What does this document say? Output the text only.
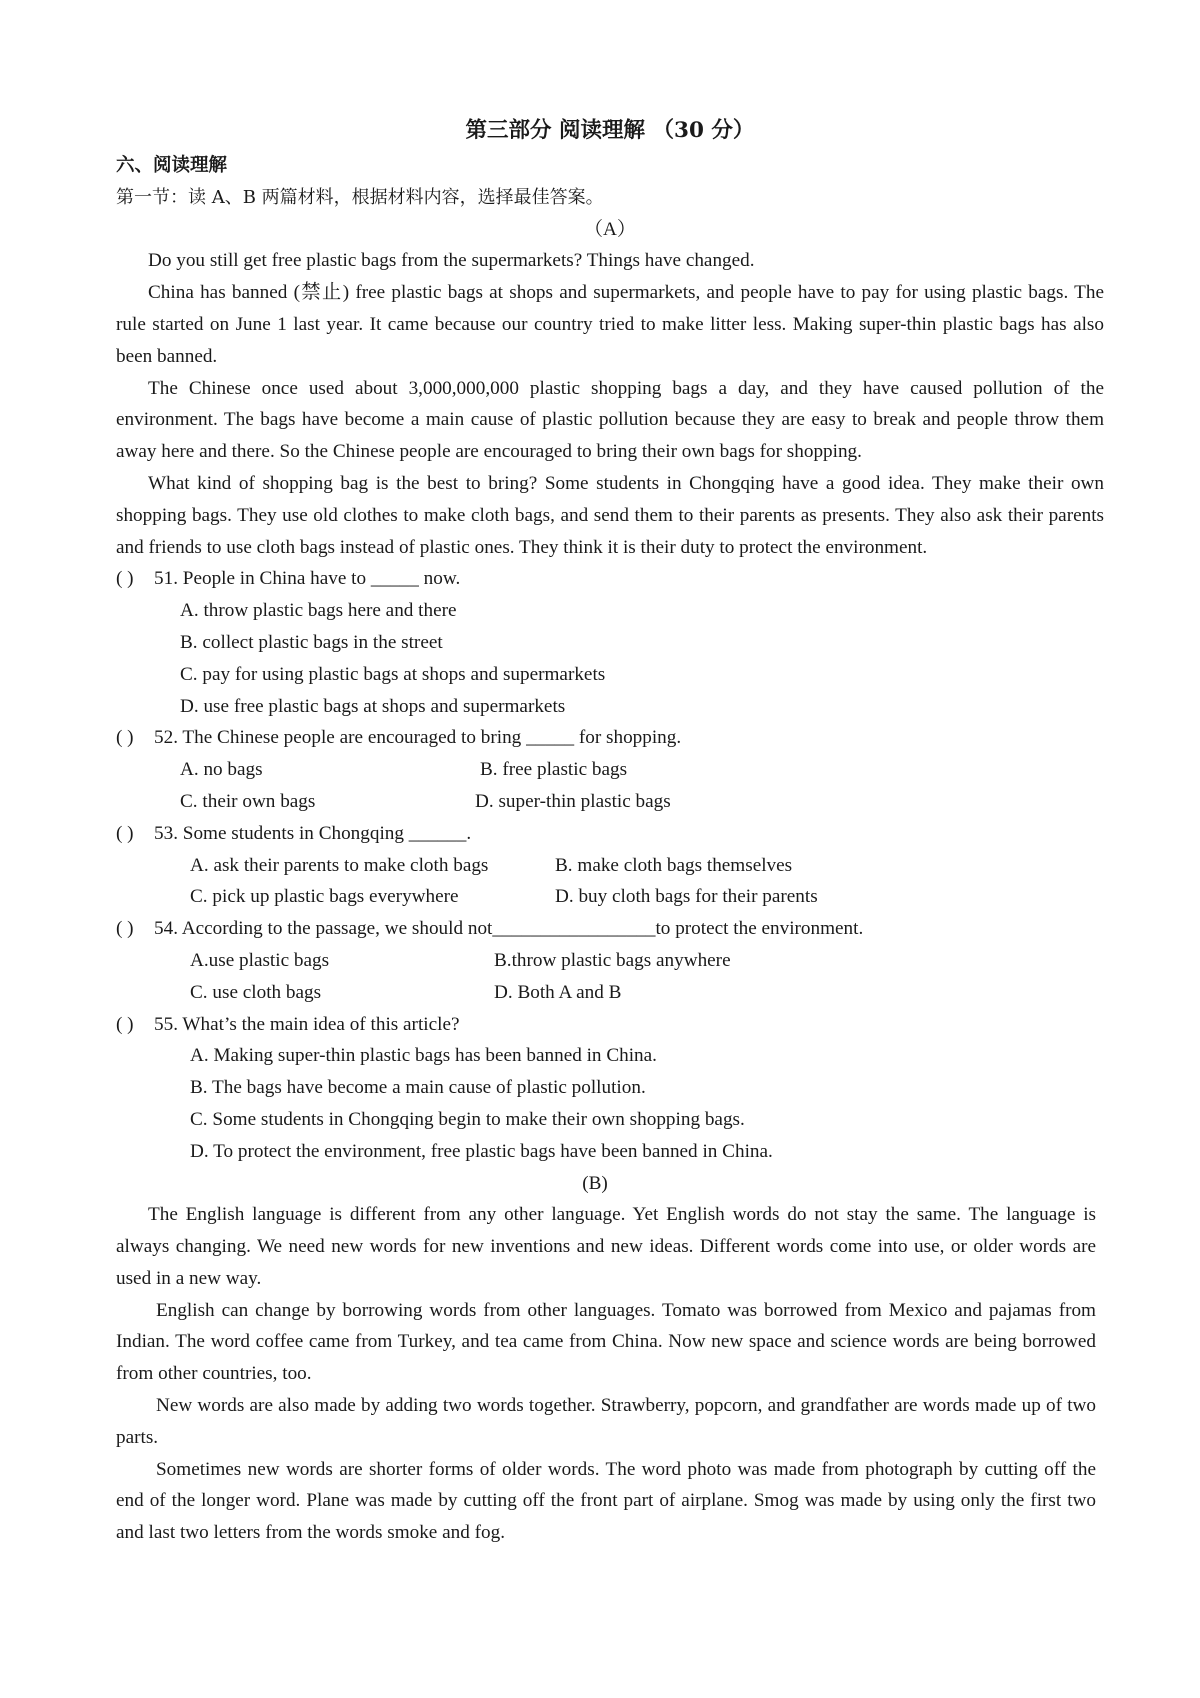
第三部分 阅读理解 （30 分）
六、阅读理解
第一节：读 A、B 两篇材料，根据材料内容，选择最佳答案。
（A）
Do you still get free plastic bags from the supermarkets? Things have changed.
China has banned (禁止) free plastic bags at shops and supermarkets, and people have to pay for using plastic bags. The rule started on June 1 last year. It came because our country tried to make litter less. Making super-thin plastic bags has also been banned.
The Chinese once used about 3,000,000,000 plastic shopping bags a day, and they have caused pollution of the environment. The bags have become a main cause of plastic pollution because they are easy to break and people throw them away here and there. So the Chinese people are encouraged to bring their own bags for shopping.
What kind of shopping bag is the best to bring? Some students in Chongqing have a good idea. They make their own shopping bags. They use old clothes to make cloth bags, and send them to their parents as presents. They also ask their parents and friends to use cloth bags instead of plastic ones. They think it is their duty to protect the environment.
( )	51. People in China have to _____ now.
A. throw plastic bags here and there
B. collect plastic bags in the street
C. pay for using plastic bags at shops and supermarkets
D. use free plastic bags at shops and supermarkets
( )	52. The Chinese people are encouraged to bring _____ for shopping.
A. no bags	B. free plastic bags
C. their own bags	D. super-thin plastic bags
( )	53. Some students in Chongqing ______.
A. ask their parents to make cloth bags	B. make cloth bags themselves
C. pick up plastic bags everywhere	D. buy cloth bags for their parents
( )	54. According to the passage, we should not_________________to protect the environment.
A.use plastic bags	B.throw plastic bags anywhere
C. use cloth bags	D. Both A and B
( )	55. What’s the main idea of this article?
A. Making super-thin plastic bags has been banned in China.
B. The bags have become a main cause of plastic pollution.
C. Some students in Chongqing begin to make their own shopping bags.
D. To protect the environment, free plastic bags have been banned in China.
(B)
The English language is different from any other language. Yet English words do not stay the same. The language is always changing. We need new words for new inventions and new ideas. Different words come into use, or older words are used in a new way.
English can change by borrowing words from other languages. Tomato was borrowed from Mexico and pajamas from Indian. The word coffee came from Turkey, and tea came from China. Now new space and science words are being borrowed from other countries, too.
New words are also made by adding two words together. Strawberry, popcorn, and grandfather are words made up of two parts.
Sometimes new words are shorter forms of older words. The word photo was made from photograph by cutting off the end of the longer word. Plane was made by cutting off the front part of airplane. Smog was made by using only the first two and last two letters from the words smoke and fog.
